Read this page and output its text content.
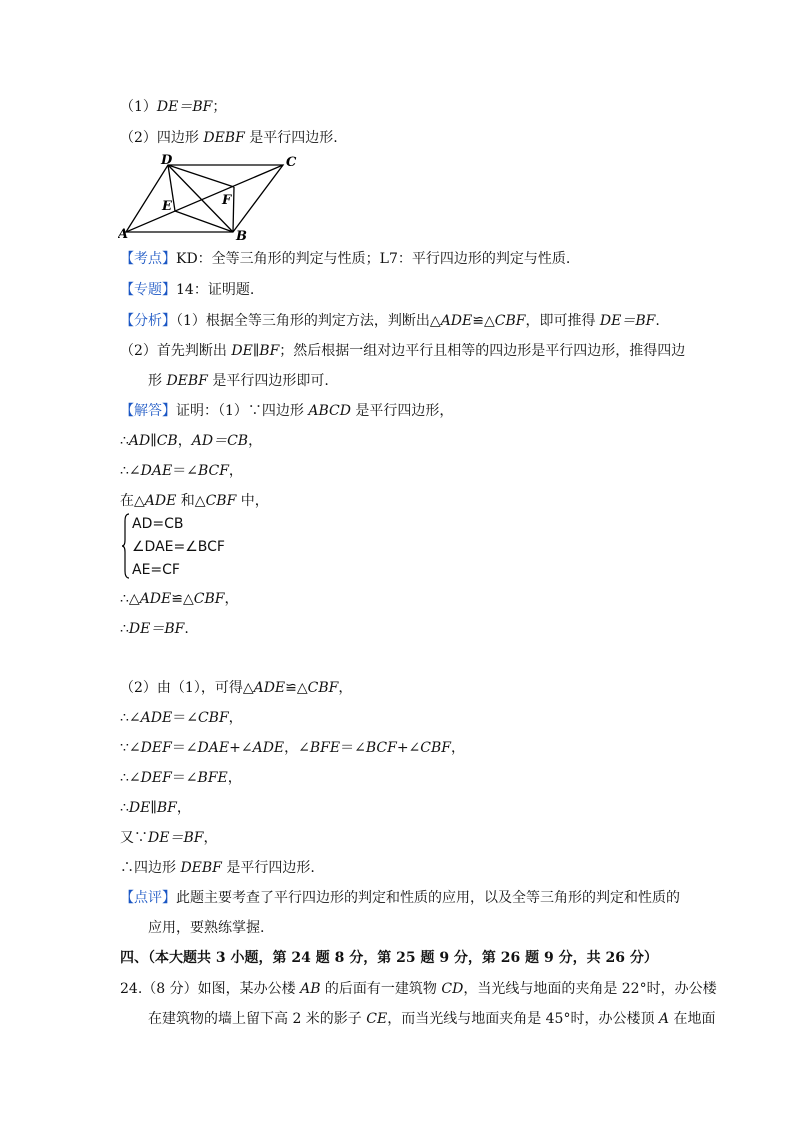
（1）DE＝BF；
（2）四边形 DEBF 是平行四边形.
D	C
A	B
E	F
【考点】KD：全等三角形的判定与性质；L7：平行四边形的判定与性质.
【专题】14：证明题.
【分析】（1）根据全等三角形的判定方法，判断出△ADE≌△CBF，即可推得 DE＝BF.
（2）首先判断出 DE∥BF；然后根据一组对边平行且相等的四边形是平行四边形，推得四边
形 DEBF 是平行四边形即可.
【解答】证明：（1）∵四边形 ABCD 是平行四边形，
∴AD∥CB，AD＝CB，
∴∠DAE＝∠BCF，
在△ADE 和△CBF 中，
AD=CB
∠DAE=∠BCF
AE=CF
∴△ADE≌△CBF，
∴DE＝BF.
（2）由（1），可得△ADE≌△CBF，
∴∠ADE＝∠CBF，
∵∠DEF＝∠DAE+∠ADE，∠BFE＝∠BCF+∠CBF，
∴∠DEF＝∠BFE，
∴DE∥BF，
又∵DE＝BF，
∴四边形 DEBF 是平行四边形.
【点评】此题主要考查了平行四边形的判定和性质的应用，以及全等三角形的判定和性质的
应用，要熟练掌握.
四、（本大题共 3 小题，第 24 题 8 分，第 25 题 9 分，第 26 题 9 分，共 26 分）
24.（8 分）如图，某办公楼 AB 的后面有一建筑物 CD，当光线与地面的夹角是 22°时，办公楼
在建筑物的墙上留下高 2 米的影子 CE，而当光线与地面夹角是 45°时，办公楼顶 A 在地面
